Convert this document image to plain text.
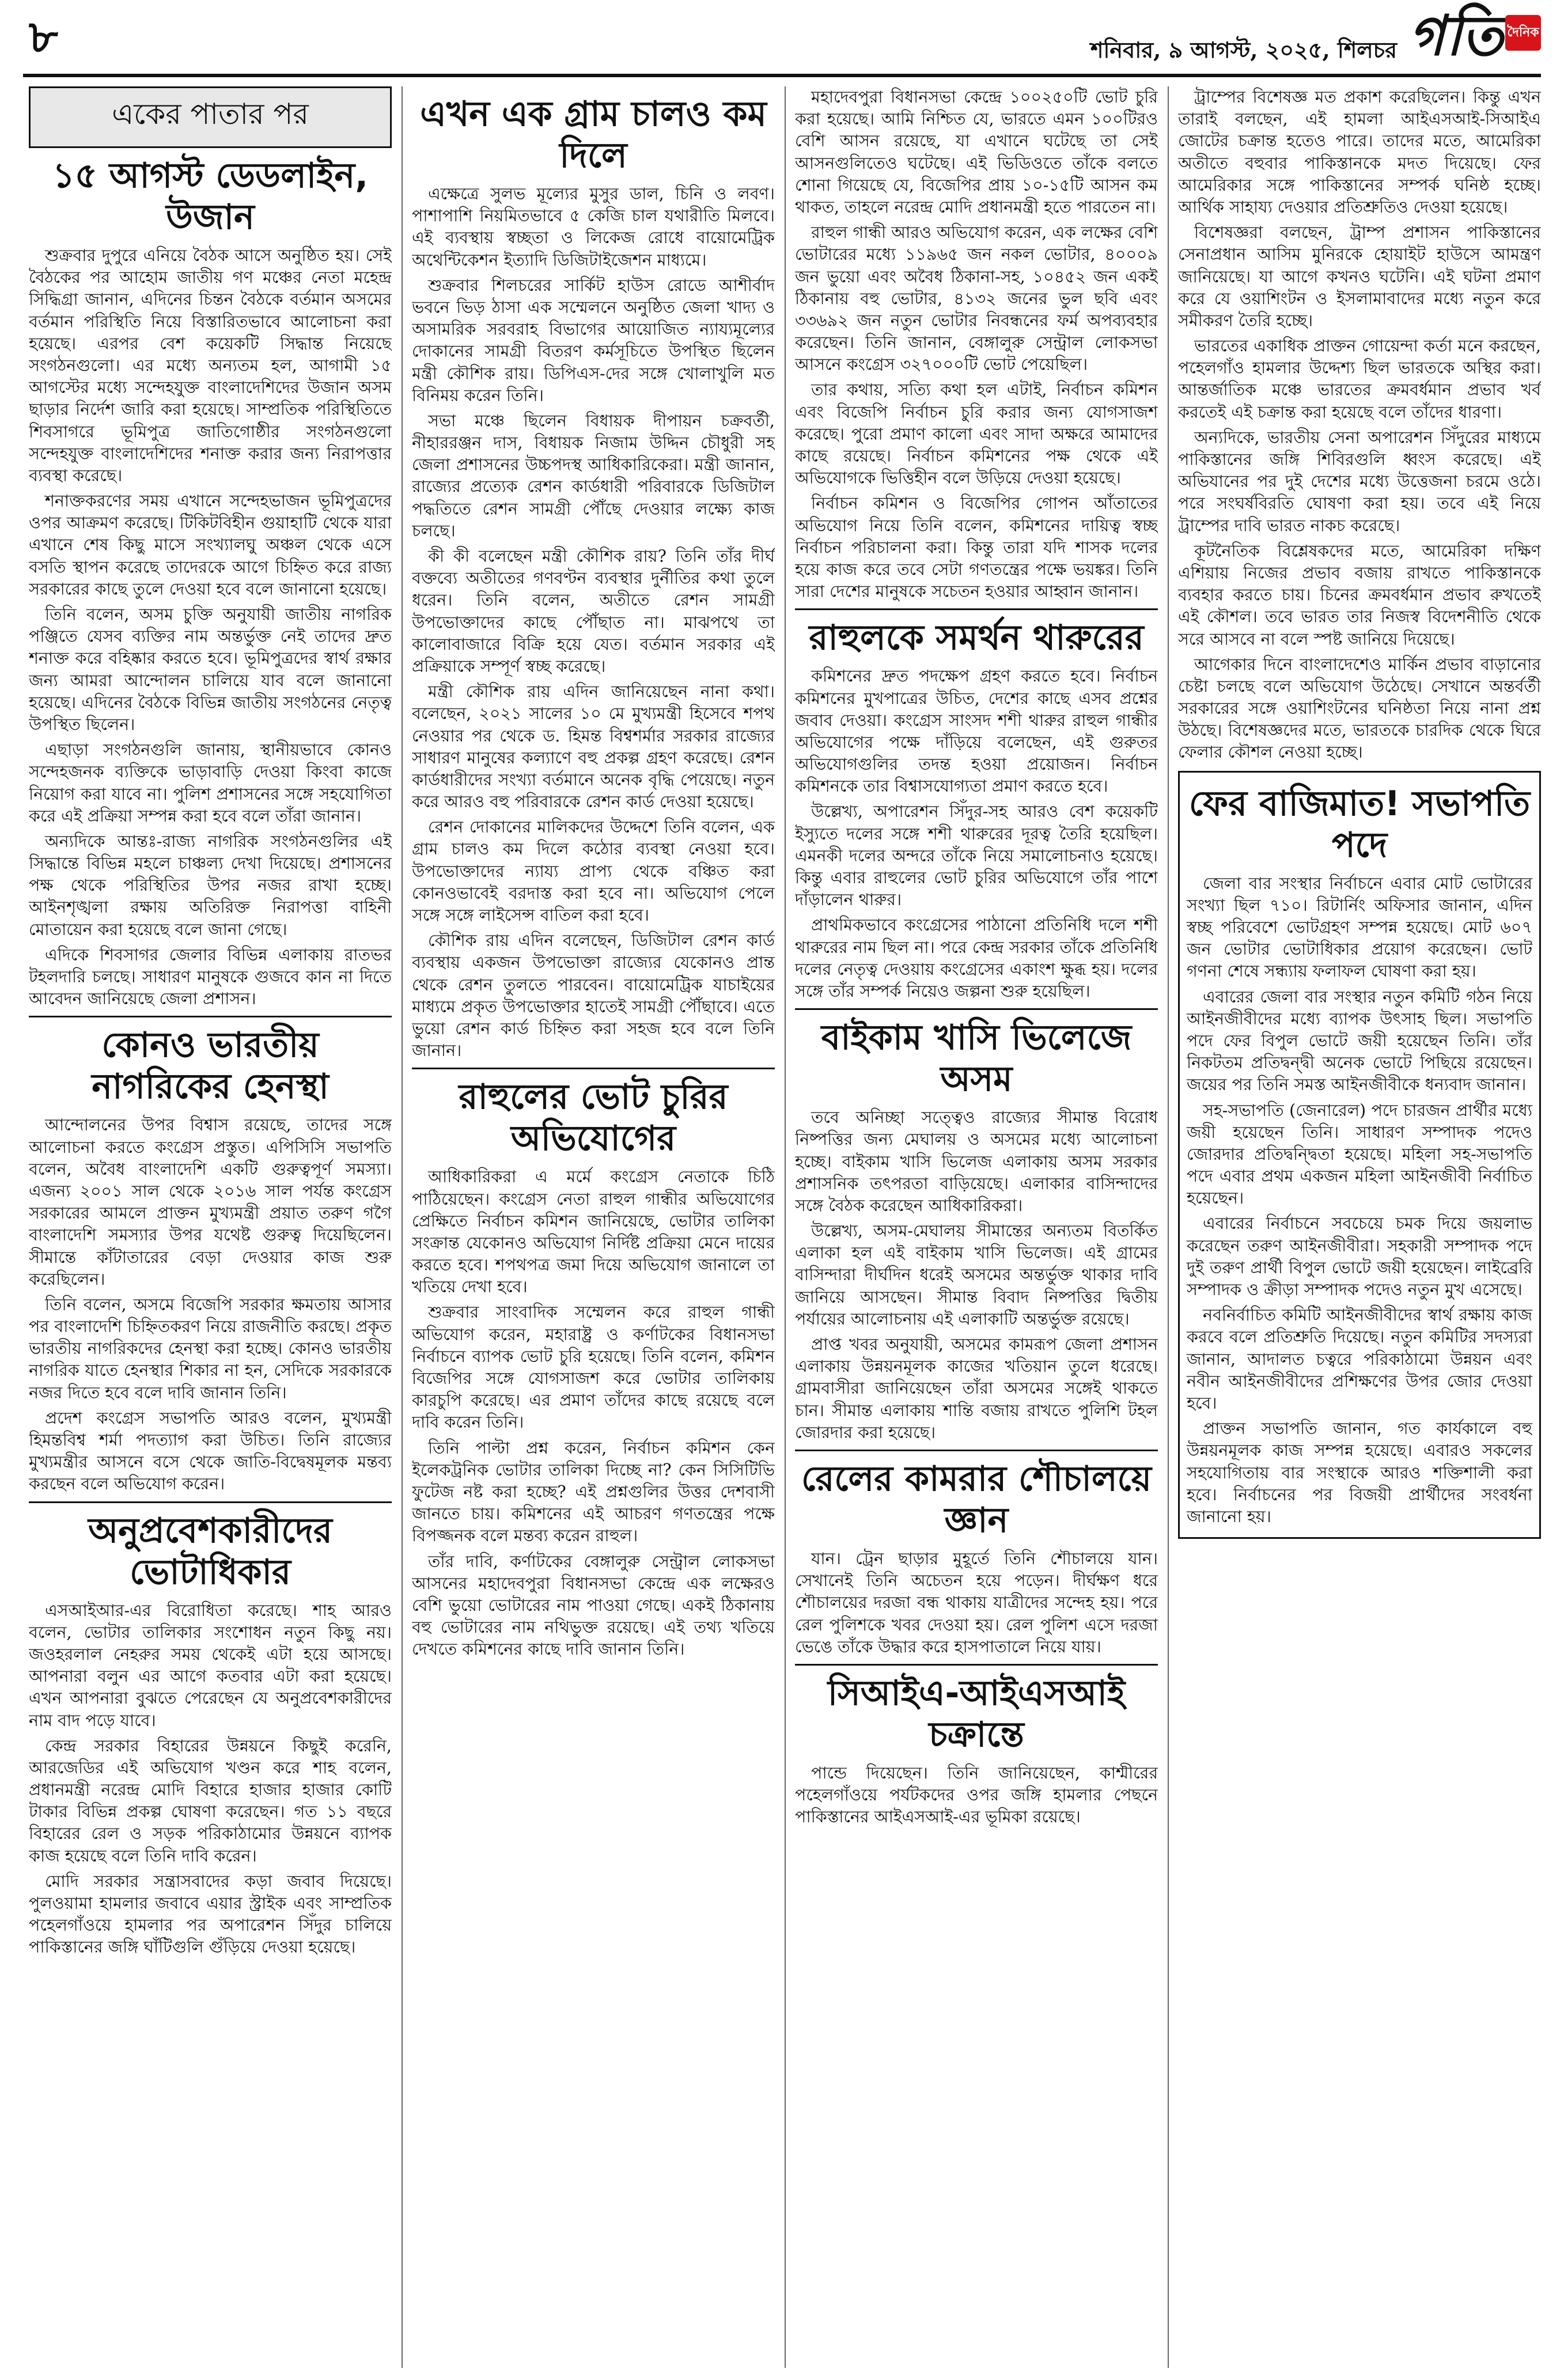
৮	শনিবার, ৯ আগস্ট, ২০২৫, শিলচর গতি দৈনিক
একের পাতার পর
১৫ আগস্ট ডেডলাইন, উজান

শুক্রবার দুপুরে এনিয়ে বৈঠক আসে অনুষ্ঠিত হয়। সেই বৈঠকের পর আহোম জাতীয় গণ মঞ্চের নেতা মহেন্দ্র সিদ্ধিগ্রা জানান, এদিনের চিন্তন বৈঠকে বর্তমান অসমের বর্তমান পরিস্থিতি নিয়ে বিস্তারিতভাবে আলোচনা করা হয়েছে। এরপর বেশ কয়েকটি সিদ্ধান্ত নিয়েছে সংগঠনগুলো। এর মধ্যে অন্যতম হল, আগামী ১৫ আগস্টের মধ্যে সন্দেহযুক্ত বাংলাদেশিদের উজান অসম ছাড়ার নির্দেশ জারি করা হয়েছে। সাম্প্রতিক পরিস্থিতিতে শিবসাগরে ভূমিপুত্র জাতিগোষ্ঠীর সংগঠনগুলো সন্দেহযুক্ত বাংলাদেশিদের শনাক্ত করার জন্য নিরাপত্তার ব্যবস্থা করেছে।

শনাক্তকরণের সময় এখানে সন্দেহভাজন ভূমিপুত্রদের ওপর আক্রমণ করেছে। টিকিটবিহীন গুয়াহাটি থেকে যারা এখানে শেষ কিছু মাসে সংখ্যালঘু অঞ্চল থেকে এসে বসতি স্থাপন করেছে তাদেরকে আগে চিহ্নিত করে রাজ্য সরকারের কাছে তুলে দেওয়া হবে বলে জানানো হয়েছে।

তিনি বলেন, অসম চুক্তি অনুযায়ী জাতীয় নাগরিক পঞ্জিতে যেসব ব্যক্তির নাম অন্তর্ভুক্ত নেই তাদের দ্রুত শনাক্ত করে বহিষ্কার করতে হবে। ভূমিপুত্রদের স্বার্থ রক্ষার জন্য আমরা আন্দোলন চালিয়ে যাব বলে জানানো হয়েছে। এদিনের বৈঠকে বিভিন্ন জাতীয় সংগঠনের নেতৃত্ব উপস্থিত ছিলেন।

এছাড়া সংগঠনগুলি জানায়, স্থানীয়ভাবে কোনও সন্দেহজনক ব্যক্তিকে ভাড়াবাড়ি দেওয়া কিংবা কাজে নিয়োগ করা যাবে না। পুলিশ প্রশাসনের সঙ্গে সহযোগিতা করে এই প্রক্রিয়া সম্পন্ন করা হবে বলে তাঁরা জানান।

অন্যদিকে আন্তঃ-রাজ্য নাগরিক সংগঠনগুলির এই সিদ্ধান্তে বিভিন্ন মহলে চাঞ্চল্য দেখা দিয়েছে। প্রশাসনের পক্ষ থেকে পরিস্থিতির উপর নজর রাখা হচ্ছে। আইনশৃঙ্খলা রক্ষায় অতিরিক্ত নিরাপত্তা বাহিনী মোতায়েন করা হয়েছে বলে জানা গেছে।

এদিকে শিবসাগর জেলার বিভিন্ন এলাকায় রাতভর টহলদারি চলছে। সাধারণ মানুষকে গুজবে কান না দিতে আবেদন জানিয়েছে জেলা প্রশাসন।

কোনও ভারতীয় নাগরিকের হেনস্থা

আন্দোলনের উপর বিশ্বাস রয়েছে, তাদের সঙ্গে আলোচনা করতে কংগ্রেস প্রস্তুত। এপিসিসি সভাপতি বলেন, অবৈধ বাংলাদেশি একটি গুরুত্বপূর্ণ সমস্যা। এজন্য ২০০১ সাল থেকে ২০১৬ সাল পর্যন্ত কংগ্রেস সরকারের আমলে প্রাক্তন মুখ্যমন্ত্রী প্রয়াত তরুণ গগৈ বাংলাদেশি সমস্যার উপর যথেষ্ট গুরুত্ব দিয়েছিলেন। সীমান্তে কাঁটাতারের বেড়া দেওয়ার কাজ শুরু করেছিলেন।

তিনি বলেন, অসমে বিজেপি সরকার ক্ষমতায় আসার পর বাংলাদেশি চিহ্নিতকরণ নিয়ে রাজনীতি করছে। প্রকৃত ভারতীয় নাগরিকদের হেনস্থা করা হচ্ছে। কোনও ভারতীয় নাগরিক যাতে হেনস্থার শিকার না হন, সেদিকে সরকারকে নজর দিতে হবে বলে দাবি জানান তিনি।

প্রদেশ কংগ্রেস সভাপতি আরও বলেন, মুখ্যমন্ত্রী হিমন্তবিশ্ব শর্মা পদত্যাগ করা উচিত। তিনি রাজ্যের মুখ্যমন্ত্রীর আসনে বসে থেকে জাতি-বিদ্বেষমূলক মন্তব্য করছেন বলে অভিযোগ করেন।

অনুপ্রবেশকারীদের ভোটাধিকার

এসআইআর-এর বিরোধিতা করেছে। শাহ আরও বলেন, ভোটার তালিকার সংশোধন নতুন কিছু নয়। জওহরলাল নেহরুর সময় থেকেই এটা হয়ে আসছে। আপনারা বলুন এর আগে কতবার এটা করা হয়েছে। এখন আপনারা বুঝতে পেরেছেন যে অনুপ্রবেশকারীদের নাম বাদ পড়ে যাবে।

কেন্দ্র সরকার বিহারের উন্নয়নে কিছুই করেনি, আরজেডির এই অভিযোগ খণ্ডন করে শাহ বলেন, প্রধানমন্ত্রী নরেন্দ্র মোদি বিহারে হাজার হাজার কোটি টাকার বিভিন্ন প্রকল্প ঘোষণা করেছেন। গত ১১ বছরে বিহারের রেল ও সড়ক পরিকাঠামোর উন্নয়নে ব্যাপক কাজ হয়েছে বলে তিনি দাবি করেন।

মোদি সরকার সন্ত্রাসবাদের কড়া জবাব দিয়েছে। পুলওয়ামা হামলার জবাবে এয়ার স্ট্রাইক এবং সাম্প্রতিক পহেলগাঁওয়ে হামলার পর অপারেশন সিঁদুর চালিয়ে পাকিস্তানের জঙ্গি ঘাঁটিগুলি গুঁড়িয়ে দেওয়া হয়েছে।

এখন এক গ্রাম চালও কম দিলে

এক্ষেত্রে সুলভ মূল্যের মুসুর ডাল, চিনি ও লবণ। পাশাপাশি নিয়মিতভাবে ৫ কেজি চাল যথারীতি মিলবে। এই ব্যবস্থায় স্বচ্ছতা ও লিকেজ রোধে বায়োমেট্রিক অথেন্টিকেশন ইত্যাদি ডিজিটাইজেশন মাধ্যমে।

শুক্রবার শিলচরের সার্কিট হাউস রোডে আশীর্বাদ ভবনে ভিড় ঠাসা এক সম্মেলনে অনুষ্ঠিত জেলা খাদ্য ও অসামরিক সরবরাহ বিভাগের আয়োজিত ন্যায্যমূল্যের দোকানের সামগ্রী বিতরণ কর্মসূচিতে উপস্থিত ছিলেন মন্ত্রী কৌশিক রায়। ডিপিএস-দের সঙ্গে খোলাখুলি মত বিনিময় করেন তিনি।

সভা মঞ্চে ছিলেন বিধায়ক দীপায়ন চক্রবর্তী, নীহাররঞ্জন দাস, বিধায়ক নিজাম উদ্দিন চৌধুরী সহ জেলা প্রশাসনের উচ্চপদস্থ আধিকারিকেরা। মন্ত্রী জানান, রাজ্যের প্রত্যেক রেশন কার্ডধারী পরিবারকে ডিজিটাল পদ্ধতিতে রেশন সামগ্রী পৌঁছে দেওয়ার লক্ষ্যে কাজ চলছে।

কী কী বলেছেন মন্ত্রী কৌশিক রায়? তিনি তাঁর দীর্ঘ বক্তব্যে অতীতের গণবণ্টন ব্যবস্থার দুর্নীতির কথা তুলে ধরেন। তিনি বলেন, অতীতে রেশন সামগ্রী উপভোক্তাদের কাছে পৌঁছাত না। মাঝপথে তা কালোবাজারে বিক্রি হয়ে যেত। বর্তমান সরকার এই প্রক্রিয়াকে সম্পূর্ণ স্বচ্ছ করেছে।

মন্ত্রী কৌশিক রায় এদিন জানিয়েছেন নানা কথা। বলেছেন, ২০২১ সালের ১০ মে মুখ্যমন্ত্রী হিসেবে শপথ নেওয়ার পর থেকে ড. হিমন্ত বিশ্বশর্মার সরকার রাজ্যের সাধারণ মানুষের কল্যাণে বহু প্রকল্প গ্রহণ করেছে। রেশন কার্ডধারীদের সংখ্যা বর্তমানে অনেক বৃদ্ধি পেয়েছে। নতুন করে আরও বহু পরিবারকে রেশন কার্ড দেওয়া হয়েছে।

রেশন দোকানের মালিকদের উদ্দেশে তিনি বলেন, এক গ্রাম চালও কম দিলে কঠোর ব্যবস্থা নেওয়া হবে। উপভোক্তাদের ন্যায্য প্রাপ্য থেকে বঞ্চিত করা কোনওভাবেই বরদাস্ত করা হবে না। অভিযোগ পেলে সঙ্গে সঙ্গে লাইসেন্স বাতিল করা হবে।

কৌশিক রায় এদিন বলেছেন, ডিজিটাল রেশন কার্ড ব্যবস্থায় একজন উপভোক্তা রাজ্যের যেকোনও প্রান্ত থেকে রেশন তুলতে পারবেন। বায়োমেট্রিক যাচাইয়ের মাধ্যমে প্রকৃত উপভোক্তার হাতেই সামগ্রী পৌঁছাবে। এতে ভুয়ো রেশন কার্ড চিহ্নিত করা সহজ হবে বলে তিনি জানান।

রাহুলের ভোট চুরির অভিযোগের

আধিকারিকরা এ মর্মে কংগ্রেস নেতাকে চিঠি পাঠিয়েছেন। কংগ্রেস নেতা রাহুল গান্ধীর অভিযোগের প্রেক্ষিতে নির্বাচন কমিশন জানিয়েছে, ভোটার তালিকা সংক্রান্ত যেকোনও অভিযোগ নির্দিষ্ট প্রক্রিয়া মেনে দায়ের করতে হবে। শপথপত্র জমা দিয়ে অভিযোগ জানালে তা খতিয়ে দেখা হবে।

শুক্রবার সাংবাদিক সম্মেলন করে রাহুল গান্ধী অভিযোগ করেন, মহারাষ্ট্র ও কর্ণাটকের বিধানসভা নির্বাচনে ব্যাপক ভোট চুরি হয়েছে। তিনি বলেন, কমিশন বিজেপির সঙ্গে যোগসাজশ করে ভোটার তালিকায় কারচুপি করেছে। এর প্রমাণ তাঁদের কাছে রয়েছে বলে দাবি করেন তিনি।

তিনি পাল্টা প্রশ্ন করেন, নির্বাচন কমিশন কেন ইলেকট্রনিক ভোটার তালিকা দিচ্ছে না? কেন সিসিটিভি ফুটেজ নষ্ট করা হচ্ছে? এই প্রশ্নগুলির উত্তর দেশবাসী জানতে চায়। কমিশনের এই আচরণ গণতন্ত্রের পক্ষে বিপজ্জনক বলে মন্তব্য করেন রাহুল।

তাঁর দাবি, কর্ণাটকের বেঙ্গালুরু সেন্ট্রাল লোকসভা আসনের মহাদেবপুরা বিধানসভা কেন্দ্রে এক লক্ষেরও বেশি ভুয়ো ভোটারের নাম পাওয়া গেছে। একই ঠিকানায় বহু ভোটারের নাম নথিভুক্ত রয়েছে। এই তথ্য খতিয়ে দেখতে কমিশনের কাছে দাবি জানান তিনি।

মহাদেবপুরা বিধানসভা কেন্দ্রে ১০০২৫০টি ভোট চুরি করা হয়েছে। আমি নিশ্চিত যে, ভারতে এমন ১০০টিরও বেশি আসন রয়েছে, যা এখানে ঘটেছে তা সেই আসনগুলিতেও ঘটেছে। এই ভিডিওতে তাঁকে বলতে শোনা গিয়েছে যে, বিজেপির প্রায় ১০-১৫টি আসন কম থাকত, তাহলে নরেন্দ্র মোদি প্রধানমন্ত্রী হতে পারতেন না।

রাহুল গান্ধী আরও অভিযোগ করেন, এক লক্ষের বেশি ভোটারের মধ্যে ১১৯৬৫ জন নকল ভোটার, ৪০০০৯ জন ভুয়ো এবং অবৈধ ঠিকানা-সহ, ১০৪৫২ জন একই ঠিকানায় বহু ভোটার, ৪১৩২ জনের ভুল ছবি এবং ৩৩৬৯২ জন নতুন ভোটার নিবন্ধনের ফর্ম অপব্যবহার করেছেন। তিনি জানান, বেঙ্গালুরু সেন্ট্রাল লোকসভা আসনে কংগ্রেস ৩২৭০০০টি ভোট পেয়েছিল।

তার কথায়, সত্যি কথা হল এটাই, নির্বাচন কমিশন এবং বিজেপি নির্বাচন চুরি করার জন্য যোগসাজশ করেছে। পুরো প্রমাণ কালো এবং সাদা অক্ষরে আমাদের কাছে রয়েছে। নির্বাচন কমিশনের পক্ষ থেকে এই অভিযোগকে ভিত্তিহীন বলে উড়িয়ে দেওয়া হয়েছে।

নির্বাচন কমিশন ও বিজেপির গোপন আঁতাতের অভিযোগ নিয়ে তিনি বলেন, কমিশনের দায়িত্ব স্বচ্ছ নির্বাচন পরিচালনা করা। কিন্তু তারা যদি শাসক দলের হয়ে কাজ করে তবে সেটা গণতন্ত্রের পক্ষে ভয়ঙ্কর। তিনি সারা দেশের মানুষকে সচেতন হওয়ার আহ্বান জানান।

রাহুলকে সমর্থন থারুরের

কমিশনের দ্রুত পদক্ষেপ গ্রহণ করতে হবে। নির্বাচন কমিশনের মুখপাত্রের উচিত, দেশের কাছে এসব প্রশ্নের জবাব দেওয়া। কংগ্রেস সাংসদ শশী থারুর রাহুল গান্ধীর অভিযোগের পক্ষে দাঁড়িয়ে বলেছেন, এই গুরুতর অভিযোগগুলির তদন্ত হওয়া প্রয়োজন। নির্বাচন কমিশনকে তার বিশ্বাসযোগ্যতা প্রমাণ করতে হবে।

উল্লেখ্য, অপারেশন সিঁদুর-সহ আরও বেশ কয়েকটি ইস্যুতে দলের সঙ্গে শশী থারুরের দূরত্ব তৈরি হয়েছিল। এমনকী দলের অন্দরে তাঁকে নিয়ে সমালোচনাও হয়েছে। কিন্তু এবার রাহুলের ভোট চুরির অভিযোগে তাঁর পাশে দাঁড়ালেন থারুর।

প্রাথমিকভাবে কংগ্রেসের পাঠানো প্রতিনিধি দলে শশী থারুরের নাম ছিল না। পরে কেন্দ্র সরকার তাঁকে প্রতিনিধি দলের নেতৃত্ব দেওয়ায় কংগ্রেসের একাংশ ক্ষুব্ধ হয়। দলের সঙ্গে তাঁর সম্পর্ক নিয়েও জল্পনা শুরু হয়েছিল।

বাইকাম খাসি ভিলেজে অসম

তবে অনিচ্ছা সত্ত্বেও রাজ্যের সীমান্ত বিরোধ নিষ্পত্তির জন্য মেঘালয় ও অসমের মধ্যে আলোচনা হচ্ছে। বাইকাম খাসি ভিলেজ এলাকায় অসম সরকার প্রশাসনিক তৎপরতা বাড়িয়েছে। এলাকার বাসিন্দাদের সঙ্গে বৈঠক করেছেন আধিকারিকরা।

উল্লেখ্য, অসম-মেঘালয় সীমান্তের অন্যতম বিতর্কিত এলাকা হল এই বাইকাম খাসি ভিলেজ। এই গ্রামের বাসিন্দারা দীর্ঘদিন ধরেই অসমের অন্তর্ভুক্ত থাকার দাবি জানিয়ে আসছেন। সীমান্ত বিবাদ নিষ্পত্তির দ্বিতীয় পর্যায়ের আলোচনায় এই এলাকাটি অন্তর্ভুক্ত রয়েছে।

প্রাপ্ত খবর অনুযায়ী, অসমের কামরূপ জেলা প্রশাসন এলাকায় উন্নয়নমূলক কাজের খতিয়ান তুলে ধরেছে। গ্রামবাসীরা জানিয়েছেন তাঁরা অসমের সঙ্গেই থাকতে চান। সীমান্ত এলাকায় শান্তি বজায় রাখতে পুলিশি টহল জোরদার করা হয়েছে।

রেলের কামরার শৌচালয়ে জ্ঞান

যান। ট্রেন ছাড়ার মুহূর্তে তিনি শৌচালয়ে যান। সেখানেই তিনি অচেতন হয়ে পড়েন। দীর্ঘক্ষণ ধরে শৌচালয়ের দরজা বন্ধ থাকায় যাত্রীদের সন্দেহ হয়। পরে রেল পুলিশকে খবর দেওয়া হয়। রেল পুলিশ এসে দরজা ভেঙে তাঁকে উদ্ধার করে হাসপাতালে নিয়ে যায়।

সিআইএ-আইএসআই চক্রান্তে

পান্ডে দিয়েছেন। তিনি জানিয়েছেন, কাশ্মীরের পহেলগাঁওয়ে পর্যটকদের ওপর জঙ্গি হামলার পেছনে পাকিস্তানের আইএসআই-এর ভূমিকা রয়েছে।

ট্রাম্পের বিশেষজ্ঞ মত প্রকাশ করেছিলেন। কিন্তু এখন তারাই বলছেন, এই হামলা আইএসআই-সিআইএ জোটের চক্রান্ত হতেও পারে। তাদের মতে, আমেরিকা অতীতে বহুবার পাকিস্তানকে মদত দিয়েছে। ফের আমেরিকার সঙ্গে পাকিস্তানের সম্পর্ক ঘনিষ্ঠ হচ্ছে। আর্থিক সাহায্য দেওয়ার প্রতিশ্রুতিও দেওয়া হয়েছে।

বিশেষজ্ঞরা বলছেন, ট্রাম্প প্রশাসন পাকিস্তানের সেনাপ্রধান আসিম মুনিরকে হোয়াইট হাউসে আমন্ত্রণ জানিয়েছে। যা আগে কখনও ঘটেনি। এই ঘটনা প্রমাণ করে যে ওয়াশিংটন ও ইসলামাবাদের মধ্যে নতুন করে সমীকরণ তৈরি হচ্ছে।

ভারতের একাধিক প্রাক্তন গোয়েন্দা কর্তা মনে করছেন, পহেলগাঁও হামলার উদ্দেশ্য ছিল ভারতকে অস্থির করা। আন্তর্জাতিক মঞ্চে ভারতের ক্রমবর্ধমান প্রভাব খর্ব করতেই এই চক্রান্ত করা হয়েছে বলে তাঁদের ধারণা।

অন্যদিকে, ভারতীয় সেনা অপারেশন সিঁদুরের মাধ্যমে পাকিস্তানের জঙ্গি শিবিরগুলি ধ্বংস করেছে। এই অভিযানের পর দুই দেশের মধ্যে উত্তেজনা চরমে ওঠে। পরে সংঘর্ষবিরতি ঘোষণা করা হয়। তবে এই নিয়ে ট্রাম্পের দাবি ভারত নাকচ করেছে।

কূটনৈতিক বিশ্লেষকদের মতে, আমেরিকা দক্ষিণ এশিয়ায় নিজের প্রভাব বজায় রাখতে পাকিস্তানকে ব্যবহার করতে চায়। চিনের ক্রমবর্ধমান প্রভাব রুখতেই এই কৌশল। তবে ভারত তার নিজস্ব বিদেশনীতি থেকে সরে আসবে না বলে স্পষ্ট জানিয়ে দিয়েছে।

আগেকার দিনে বাংলাদেশেও মার্কিন প্রভাব বাড়ানোর চেষ্টা চলছে বলে অভিযোগ উঠেছে। সেখানে অন্তর্বর্তী সরকারের সঙ্গে ওয়াশিংটনের ঘনিষ্ঠতা নিয়ে নানা প্রশ্ন উঠছে। বিশেষজ্ঞদের মতে, ভারতকে চারদিক থেকে ঘিরে ফেলার কৌশল নেওয়া হচ্ছে।

ফের বাজিমাত! সভাপতি পদে

জেলা বার সংস্থার নির্বাচনে এবার মোট ভোটারের সংখ্যা ছিল ৭১০। রিটার্নিং অফিসার জানান, এদিন স্বচ্ছ পরিবেশে ভোটগ্রহণ সম্পন্ন হয়েছে। মোট ৬০৭ জন ভোটার ভোটাধিকার প্রয়োগ করেছেন। ভোট গণনা শেষে সন্ধ্যায় ফলাফল ঘোষণা করা হয়।

এবারের জেলা বার সংস্থার নতুন কমিটি গঠন নিয়ে আইনজীবীদের মধ্যে ব্যাপক উৎসাহ ছিল। সভাপতি পদে ফের বিপুল ভোটে জয়ী হয়েছেন তিনি। তাঁর নিকটতম প্রতিদ্বন্দ্বী অনেক ভোটে পিছিয়ে রয়েছেন। জয়ের পর তিনি সমস্ত আইনজীবীকে ধন্যবাদ জানান।

সহ-সভাপতি (জেনারেল) পদে চারজন প্রার্থীর মধ্যে জয়ী হয়েছেন তিনি। সাধারণ সম্পাদক পদেও জোরদার প্রতিদ্বন্দ্বিতা হয়েছে। মহিলা সহ-সভাপতি পদে এবার প্রথম একজন মহিলা আইনজীবী নির্বাচিত হয়েছেন।

এবারের নির্বাচনে সবচেয়ে চমক দিয়ে জয়লাভ করেছেন তরুণ আইনজীবীরা। সহকারী সম্পাদক পদে দুই তরুণ প্রার্থী বিপুল ভোটে জয়ী হয়েছেন। লাইব্রেরি সম্পাদক ও ক্রীড়া সম্পাদক পদেও নতুন মুখ এসেছে।

নবনির্বাচিত কমিটি আইনজীবীদের স্বার্থ রক্ষায় কাজ করবে বলে প্রতিশ্রুতি দিয়েছে। নতুন কমিটির সদস্যরা জানান, আদালত চত্বরে পরিকাঠামো উন্নয়ন এবং নবীন আইনজীবীদের প্রশিক্ষণের উপর জোর দেওয়া হবে।

প্রাক্তন সভাপতি জানান, গত কার্যকালে বহু উন্নয়নমূলক কাজ সম্পন্ন হয়েছে। এবারও সকলের সহযোগিতায় বার সংস্থাকে আরও শক্তিশালী করা হবে। নির্বাচনের পর বিজয়ী প্রার্থীদের সংবর্ধনা জানানো হয়।
